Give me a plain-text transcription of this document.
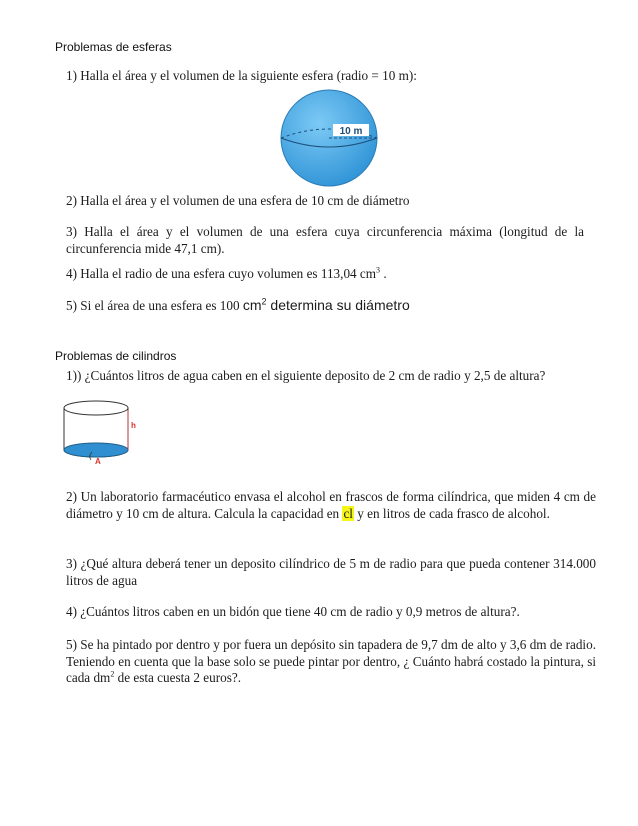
Problemas de esferas
1) Halla el área y el volumen de la siguiente esfera (radio = 10 m):
10 m
2) Halla el área y el volumen de una esfera de 10 cm de diámetro
3) Halla el área y el volumen de una esfera cuya circunferencia máxima (longitud de la circunferencia mide 47,1 cm).
4) Halla el radio de una esfera cuyo volumen es 113,04 $cm^3$ .
5) Si el área de una esfera es 100 $cm^2$ determina su diámetro
Problemas de cilindros
1)) ¿Cuántos litros de agua caben en el siguiente deposito de 2 cm de radio y 2,5 de altura?
h
A
2) Un laboratorio farmacéutico envasa el alcohol en frascos de forma cilíndrica, que miden 4 cm de diámetro y 10 cm de altura. Calcula la capacidad en cl y en litros de cada frasco de alcohol.
3) ¿Qué altura deberá tener un deposito cilíndrico de 5 m de radio para que pueda contener 314.000 litros de agua
4) ¿Cuántos litros caben en un bidón que tiene 40 cm de radio y 0,9 metros de altura?.
5) Se ha pintado por dentro y por fuera un depósito sin tapadera de 9,7 dm de alto y 3,6 dm de radio. Teniendo en cuenta que la base solo se puede pintar por dentro, ¿ Cuánto habrá costado la pintura, si cada $dm^2$ de esta cuesta 2 euros?.
